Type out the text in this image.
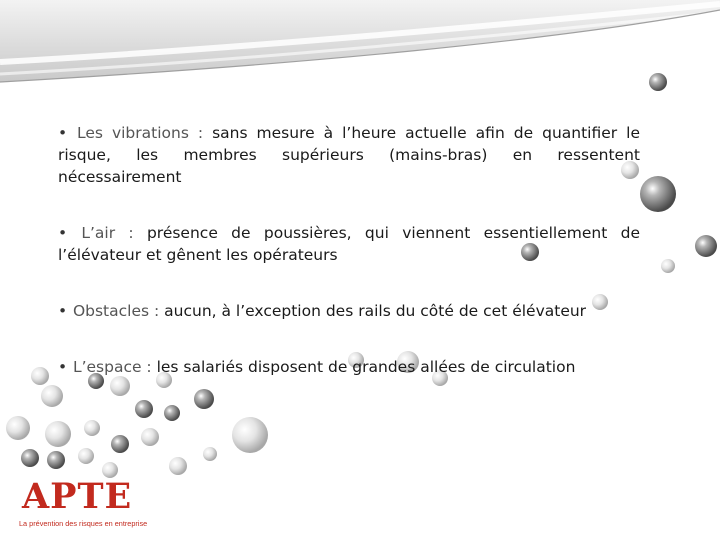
• Les vibrations : sans mesure à l’heure actuelle afin de quantifier le risque, les membres supérieurs (mains-bras) en ressentent nécessairement

• L’air : présence de poussières, qui viennent essentiellement de l’élévateur et gênent les opérateurs

• Obstacles : aucun, à l’exception des rails du côté de cet élévateur

• L’espace : les salariés disposent de grandes allées de circulation

APTE
La prévention des risques en entreprise
